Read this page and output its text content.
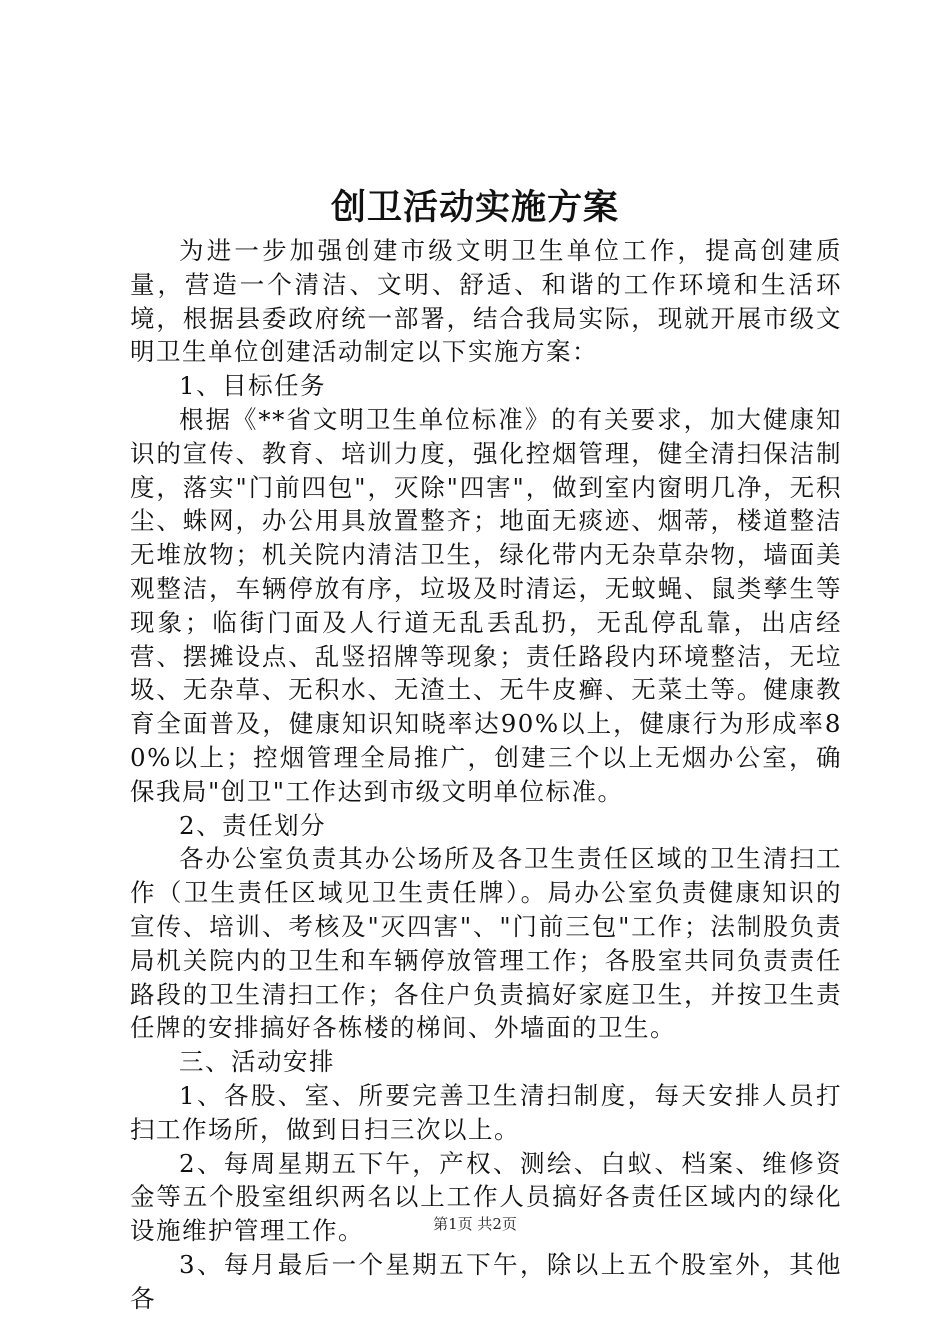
创卫活动实施方案

为进一步加强创建市级文明卫生单位工作，提高创建质量，营造一个清洁、文明、舒适、和谐的工作环境和生活环境，根据县委政府统一部署，结合我局实际，现就开展市级文明卫生单位创建活动制定以下实施方案：

1、目标任务

根据《**省文明卫生单位标准》的有关要求，加大健康知识的宣传、教育、培训力度，强化控烟管理，健全清扫保洁制度，落实"门前四包"，灭除"四害"，做到室内窗明几净，无积尘、蛛网，办公用具放置整齐；地面无痰迹、烟蒂，楼道整洁无堆放物；机关院内清洁卫生，绿化带内无杂草杂物，墙面美观整洁，车辆停放有序，垃圾及时清运，无蚊蝇、鼠类孳生等现象；临街门面及人行道无乱丢乱扔，无乱停乱靠，出店经营、摆摊设点、乱竖招牌等现象；责任路段内环境整洁，无垃圾、无杂草、无积水、无渣土、无牛皮癣、无菜土等。健康教育全面普及，健康知识知晓率达90%以上，健康行为形成率80%以上；控烟管理全局推广，创建三个以上无烟办公室，确保我局"创卫"工作达到市级文明单位标准。

2、责任划分

各办公室负责其办公场所及各卫生责任区域的卫生清扫工作（卫生责任区域见卫生责任牌）。局办公室负责健康知识的宣传、培训、考核及"灭四害"、"门前三包"工作；法制股负责局机关院内的卫生和车辆停放管理工作；各股室共同负责责任路段的卫生清扫工作；各住户负责搞好家庭卫生，并按卫生责任牌的安排搞好各栋楼的梯间、外墙面的卫生。

三、活动安排

1、各股、室、所要完善卫生清扫制度，每天安排人员打扫工作场所，做到日扫三次以上。

2、每周星期五下午，产权、测绘、白蚁、档案、维修资金等五个股室组织两名以上工作人员搞好各责任区域内的绿化设施维护管理工作。

3、每月最后一个星期五下午，除以上五个股室外，其他各

第1页 共2页
